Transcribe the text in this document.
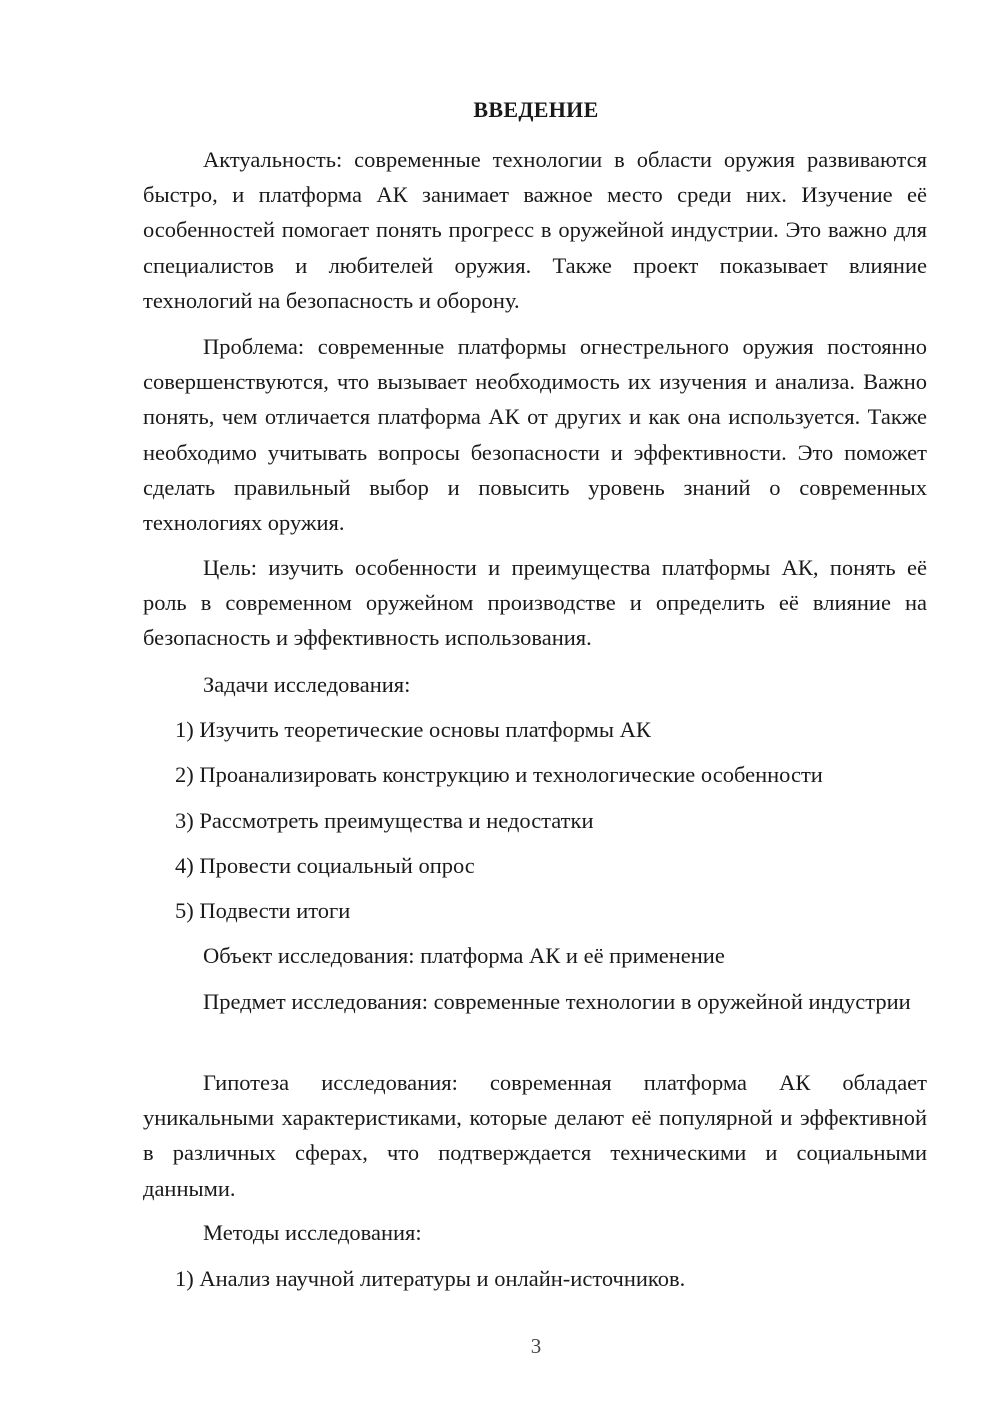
ВВЕДЕНИЕ

Актуальность: современные технологии в области оружия развиваются быстро, и платформа АК занимает важное место среди них. Изучение её особенностей помогает понять прогресс в оружейной индустрии. Это важно для специалистов и любителей оружия. Также проект показывает влияние технологий на безопасность и оборону.

Проблема: современные платформы огнестрельного оружия постоянно совершенствуются, что вызывает необходимость их изучения и анализа. Важно понять, чем отличается платформа АК от других и как она используется. Также необходимо учитывать вопросы безопасности и эффективности. Это поможет сделать правильный выбор и повысить уровень знаний о современных технологиях оружия.

Цель: изучить особенности и преимущества платформы АК, понять её роль в современном оружейном производстве и определить её влияние на безопасность и эффективность использования.

Задачи исследования:

1) Изучить теоретические основы платформы АК

2) Проанализировать конструкцию и технологические особенности

3) Рассмотреть преимущества и недостатки

4) Провести социальный опрос

5) Подвести итоги

Объект исследования: платформа АК и её применение

Предмет исследования: современные технологии в оружейной индустрии

Гипотеза исследования: современная платформа АК обладает уникальными характеристиками, которые делают её популярной и эффективной в различных сферах, что подтверждается техническими и социальными данными.

Методы исследования:

1) Анализ научной литературы и онлайн-источников.

3
